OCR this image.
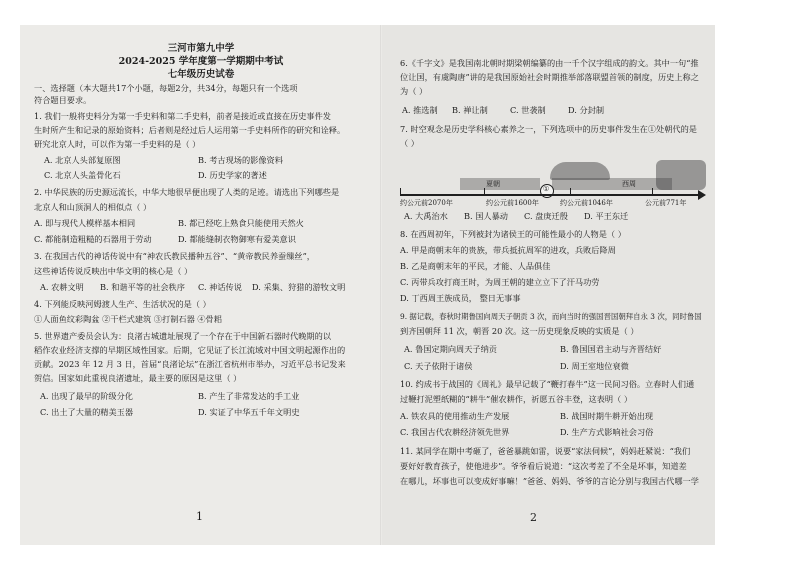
三河市第九中学
2024-2025 学年度第一学期期中考试
七年级历史试卷
一、选择题（本大题共17个小题，每题2分，共34分，每题只有一个选项
符合题目要求。
1. 我们一般将史料分为第一手史料和第二手史料，前者是接近或直接在历史事件发
生时所产生和记录的原始资料；后者则是经过后人运用第一手史料所作的研究和诠释。
研究北京人时，可以作为第一手史料的是（ ）
A. 北京人头部复原图	B. 考古现场的影像资料
C. 北京人头盖骨化石	D. 历史学家的著述
2. 中华民族的历史源远流长，中华大地很早便出现了人类的足迹。请选出下列哪些是
北京人和山顶洞人的相似点（ ）
A. 即与现代人模样基本相同	B. 都已经吃上熟食只能使用天然火
C. 都能制造粗糙的石器用于劳动	D. 都能缝制衣物御寒有爱美意识
3. 在我国古代的神话传说中有“神农氏教民播种五谷”、“黄帝教民养蚕缫丝”，
这些神话传说反映出中华文明的核心是（ ）
A. 农耕文明 B. 和谐平等的社会秩序 C. 神话传说 D. 采集、狩猎的游牧文明
4. 下列能反映河姆渡人生产、生活状况的是（ ）
①人面鱼纹彩陶盆 ②干栏式建筑 ③打制石器 ④骨耜
5. 世界遗产委员会认为：良渚古城遗址展现了一个存在于中国新石器时代晚期的以
稻作农业经济支撑的早期区域性国家。后期，它见证了长江流域对中国文明起源作出的
贡献。2023 年 12 月 3 日，首届“良渚论坛”在浙江省杭州市举办，习近平总书记发来
贺信。国家如此重视良渚遗址，最主要的原因是这里（ ）
A. 出现了最早的阶级分化	B. 产生了非常发达的手工业
C. 出土了大量的精美玉器	D. 实证了中华五千年文明史
1
6.《千字文》是我国南北朝时期梁朝编纂的由一千个汉字组成的韵文。其中一句“推
位让国，有虞陶唐”讲的是我国原始社会时期推举部落联盟首领的制度，历史上称之
为（ ）
A. 推选制 B. 禅让制	C. 世袭制	D. 分封制
7. 时空观念是历史学科核心素养之一，下列选项中的历史事件发生在①处朝代的是
（ ）
夏朝
①
西周
约公元前2070年	约公元前1600年	约公元前1046年	公元前771年
A. 大禹治水 B. 国人暴动 C. 盘庚迁殷 D. 平王东迁
8. 在西周初年，下列被封为诸侯王的可能性最小的人物是（ ）
A. 甲是商朝末年的贵族，带兵抵抗周军的进攻，兵败后降周
B. 乙是商朝末年的平民，才能、人品俱佳
C. 丙带兵攻打商王时，为周王朝的建立立下了汗马功劳
D. 丁西周王族成员， 整日无事事
9. 据记载，春秋时期鲁国向周天子朝贡 3 次，而向当时的强国晋国朝拜自永 3 次，同时鲁国
到齐国朝拜 11 次，朝晋 20 次。这一历史现象反映的实质是（ ）
A. 鲁国定期向周天子纳贡	B. 鲁国国君主动与齐晋结好
C. 天子依附于诸侯	D. 周王室地位衰微
10. 约成书于战国的《周礼》最早记载了“鞭打春牛”这一民间习俗。立春时人们通
过鞭打泥塑纸糊的“耕牛”催农耕作，祈愿五谷丰登，这表明（ ）
A. 铁农具的使用推动生产发展	B. 战国时期牛耕开始出现
C. 我国古代农耕经济领先世界	D. 生产方式影响社会习俗
11. 某同学在期中考砸了，爸爸暴跳如雷，说要“家法伺候”，妈妈赶紧说：“我们
要好好教育孩子，使他进步”。爷爷看后说道：“这次考差了不全是坏事，知道差
在哪儿，坏事也可以变成好事嘛！”爸爸、妈妈、爷爷的言论分别与我国古代哪一学
2
